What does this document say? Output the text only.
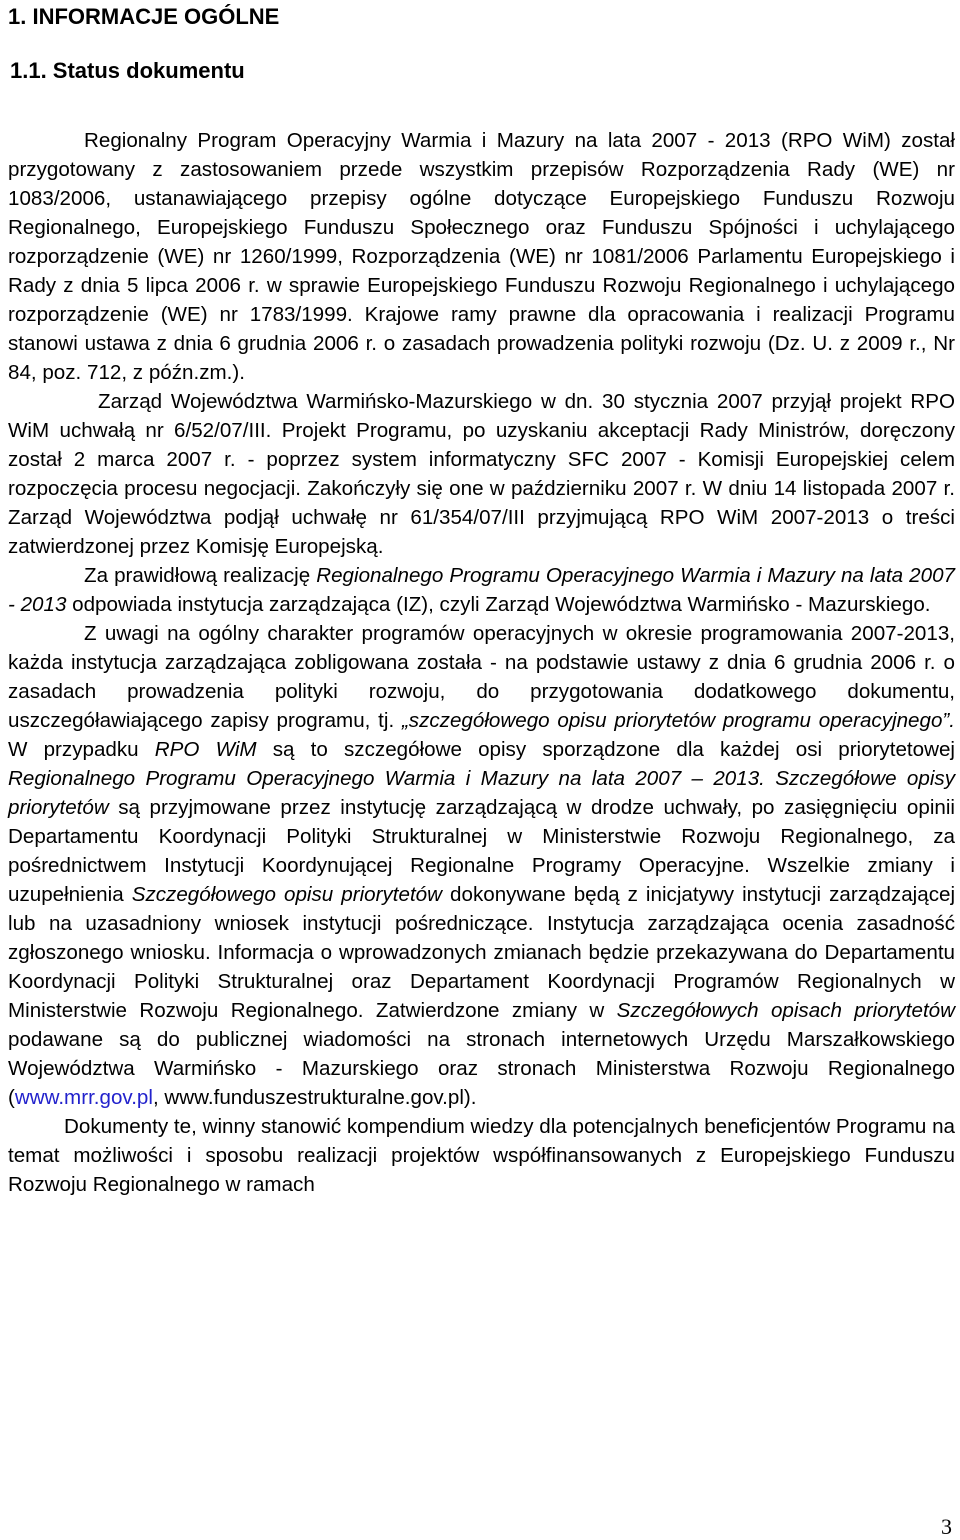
1. INFORMACJE OGÓLNE
1.1. Status dokumentu

Regionalny Program Operacyjny Warmia i Mazury na lata 2007 - 2013 (RPO WiM) został przygotowany z zastosowaniem przede wszystkim przepisów Rozporządzenia Rady (WE) nr 1083/2006, ustanawiającego przepisy ogólne dotyczące Europejskiego Funduszu Rozwoju Regionalnego, Europejskiego Funduszu Społecznego oraz Funduszu Spójności i uchylającego rozporządzenie (WE) nr 1260/1999, Rozporządzenia (WE) nr 1081/2006 Parlamentu Europejskiego i Rady z dnia 5 lipca 2006 r. w sprawie Europejskiego Funduszu Rozwoju Regionalnego i uchylającego rozporządzenie (WE) nr 1783/1999. Krajowe ramy prawne dla opracowania i realizacji Programu stanowi ustawa z dnia 6 grudnia 2006 r. o zasadach prowadzenia polityki rozwoju (Dz. U. z 2009 r., Nr 84, poz. 712, z późn.zm.).

Zarząd Województwa Warmińsko-Mazurskiego w dn. 30 stycznia 2007 przyjął projekt RPO WiM uchwałą nr 6/52/07/III. Projekt Programu, po uzyskaniu akceptacji Rady Ministrów, doręczony został 2 marca 2007 r. - poprzez system informatyczny SFC 2007 - Komisji Europejskiej celem rozpoczęcia procesu negocjacji. Zakończyły się one w październiku 2007 r. W dniu 14 listopada 2007 r. Zarząd Województwa podjął uchwałę nr 61/354/07/III przyjmującą RPO WiM 2007-2013 o treści zatwierdzonej przez Komisję Europejską.

Za prawidłową realizację Regionalnego Programu Operacyjnego Warmia i Mazury na lata 2007 - 2013 odpowiada instytucja zarządzająca (IZ), czyli Zarząd Województwa Warmińsko - Mazurskiego.

Z uwagi na ogólny charakter programów operacyjnych w okresie programowania 2007-2013, każda instytucja zarządzająca zobligowana została - na podstawie ustawy z dnia 6 grudnia 2006 r. o zasadach prowadzenia polityki rozwoju, do przygotowania dodatkowego dokumentu, uszczegóławiającego zapisy programu, tj. „szczegółowego opisu priorytetów programu operacyjnego”. W przypadku RPO WiM są to szczegółowe opisy sporządzone dla każdej osi priorytetowej Regionalnego Programu Operacyjnego Warmia i Mazury na lata 2007 – 2013. Szczegółowe opisy priorytetów są przyjmowane przez instytucję zarządzającą w drodze uchwały, po zasięgnięciu opinii Departamentu Koordynacji Polityki Strukturalnej w Ministerstwie Rozwoju Regionalnego, za pośrednictwem Instytucji Koordynującej Regionalne Programy Operacyjne. Wszelkie zmiany i uzupełnienia Szczegółowego opisu priorytetów dokonywane będą z inicjatywy instytucji zarządzającej lub na uzasadniony wniosek instytucji pośredniczące. Instytucja zarządzająca ocenia zasadność zgłoszonego wniosku. Informacja o wprowadzonych zmianach będzie przekazywana do Departamentu Koordynacji Polityki Strukturalnej oraz Departament Koordynacji Programów Regionalnych w Ministerstwie Rozwoju Regionalnego. Zatwierdzone zmiany w Szczegółowych opisach priorytetów podawane są do publicznej wiadomości na stronach internetowych Urzędu Marszałkowskiego Województwa Warmińsko - Mazurskiego oraz stronach Ministerstwa Rozwoju Regionalnego (www.mrr.gov.pl, www.funduszestrukturalne.gov.pl).

Dokumenty te, winny stanowić kompendium wiedzy dla potencjalnych beneficjentów Programu na temat możliwości i sposobu realizacji projektów współfinansowanych z Europejskiego Funduszu Rozwoju Regionalnego w ramach

3
